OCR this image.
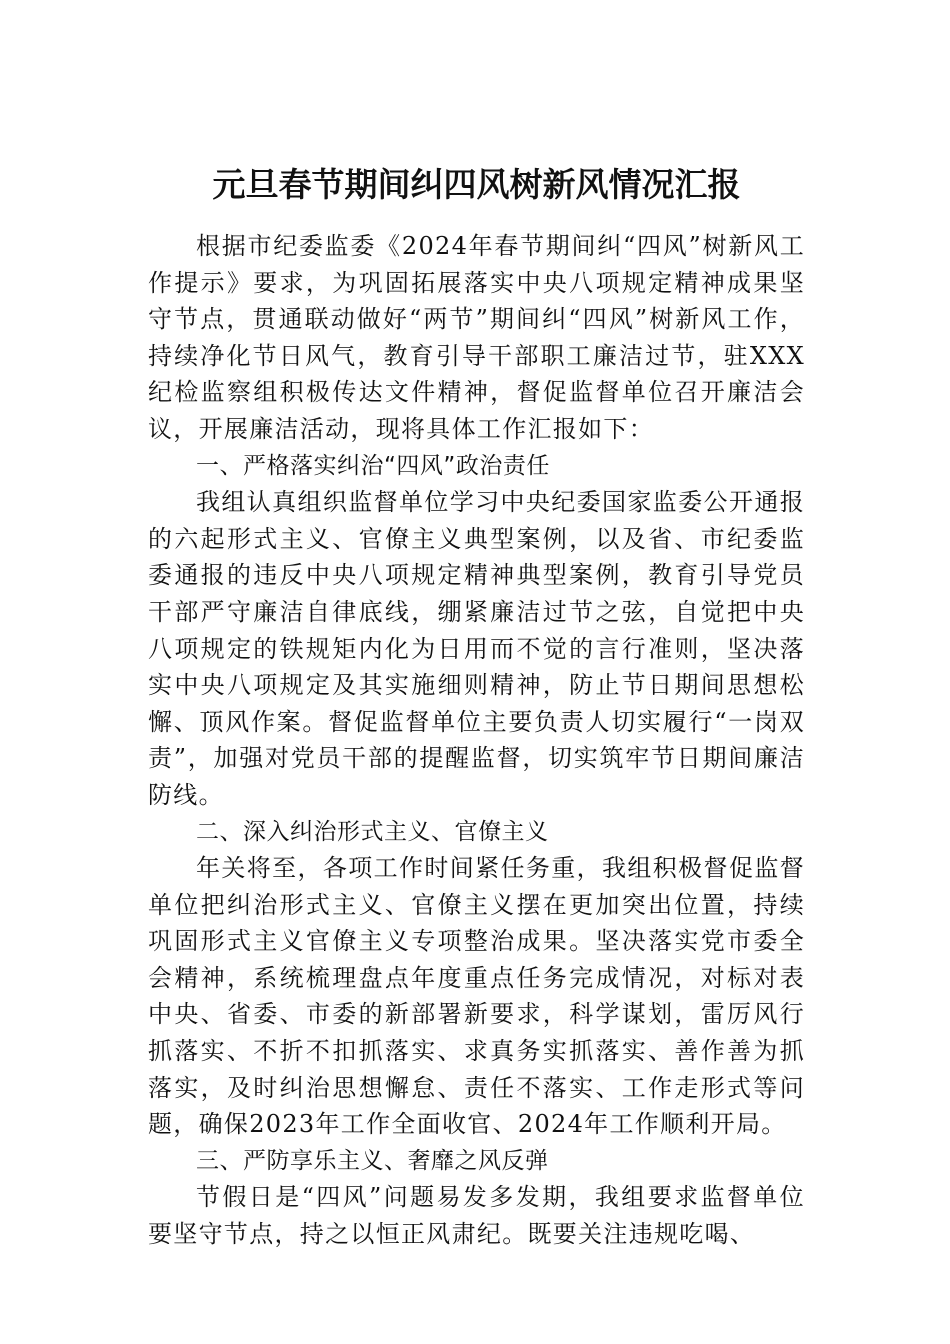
元旦春节期间纠四风树新风情况汇报

根据市纪委监委《2024年春节期间纠“四风”树新风工作提示》要求，为巩固拓展落实中央八项规定精神成果坚守节点，贯通联动做好“两节”期间纠“四风”树新风工作，持续净化节日风气，教育引导干部职工廉洁过节，驻XXX纪检监察组积极传达文件精神，督促监督单位召开廉洁会议，开展廉洁活动，现将具体工作汇报如下：

一、严格落实纠治“四风”政治责任

我组认真组织监督单位学习中央纪委国家监委公开通报的六起形式主义、官僚主义典型案例，以及省、市纪委监委通报的违反中央八项规定精神典型案例，教育引导党员干部严守廉洁自律底线，绷紧廉洁过节之弦，自觉把中央八项规定的铁规矩内化为日用而不觉的言行准则，坚决落实中央八项规定及其实施细则精神，防止节日期间思想松懈、顶风作案。督促监督单位主要负责人切实履行“一岗双责”，加强对党员干部的提醒监督，切实筑牢节日期间廉洁防线。

二、深入纠治形式主义、官僚主义

年关将至，各项工作时间紧任务重，我组积极督促监督单位把纠治形式主义、官僚主义摆在更加突出位置，持续巩固形式主义官僚主义专项整治成果。坚决落实党市委全会精神，系统梳理盘点年度重点任务完成情况，对标对表中央、省委、市委的新部署新要求，科学谋划，雷厉风行抓落实、不折不扣抓落实、求真务实抓落实、善作善为抓落实，及时纠治思想懈怠、责任不落实、工作走形式等问题，确保2023年工作全面收官、2024年工作顺利开局。

三、严防享乐主义、奢靡之风反弹

节假日是“四风”问题易发多发期，我组要求监督单位要坚守节点，持之以恒正风肃纪。既要关注违规吃喝、
